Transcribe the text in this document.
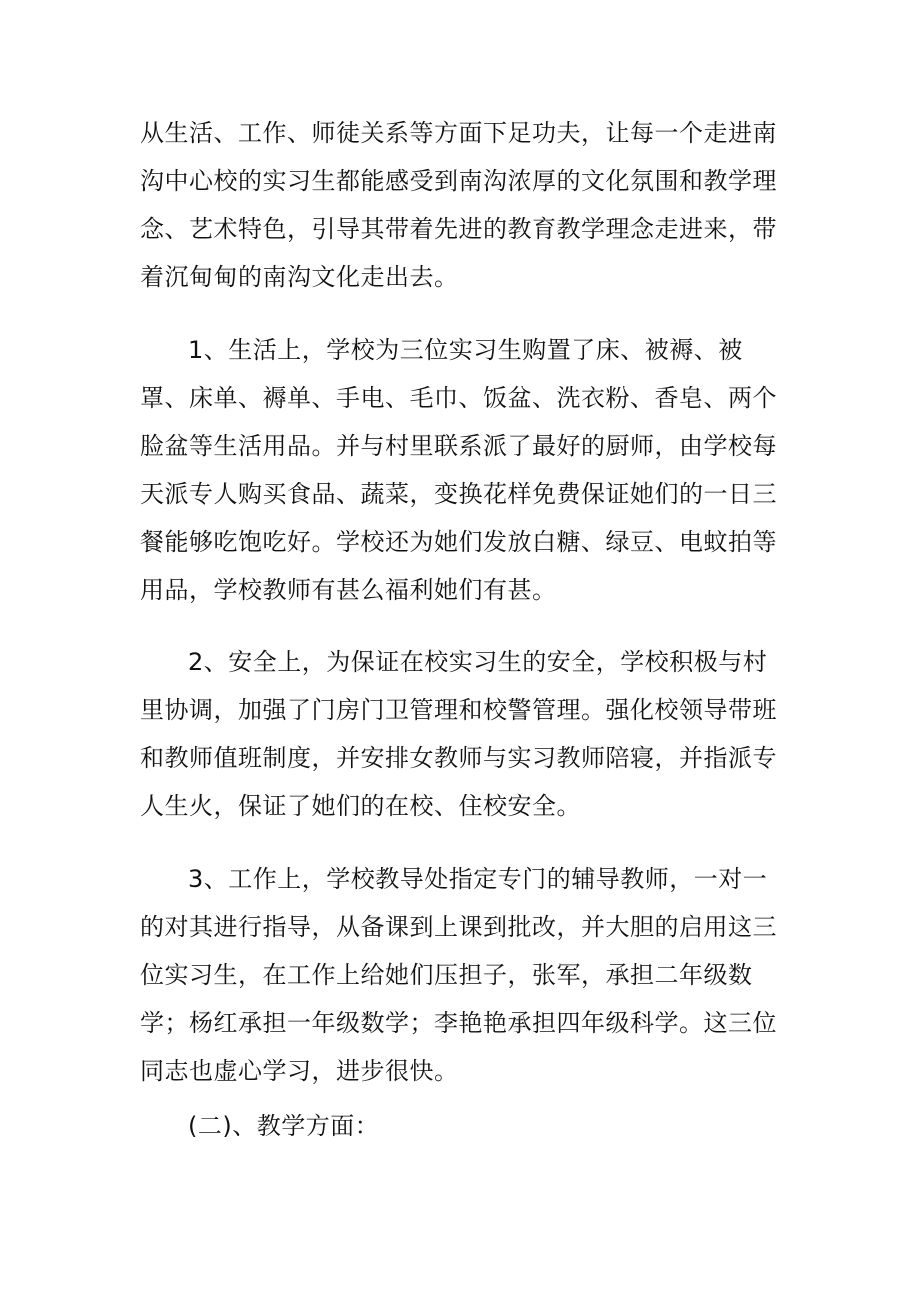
从生活、工作、师徒关系等方面下足功夫，让每一个走进南沟中心校的实习生都能感受到南沟浓厚的文化氛围和教学理念、艺术特色，引导其带着先进的教育教学理念走进来，带着沉甸甸的南沟文化走出去。

1、生活上，学校为三位实习生购置了床、被褥、被罩、床单、褥单、手电、毛巾、饭盆、洗衣粉、香皂、两个脸盆等生活用品。并与村里联系派了最好的厨师，由学校每天派专人购买食品、蔬菜，变换花样免费保证她们的一日三餐能够吃饱吃好。学校还为她们发放白糖、绿豆、电蚊拍等用品，学校教师有甚么福利她们有甚。

2、安全上，为保证在校实习生的安全，学校积极与村里协调，加强了门房门卫管理和校警管理。强化校领导带班和教师值班制度，并安排女教师与实习教师陪寝，并指派专人生火，保证了她们的在校、住校安全。

3、工作上，学校教导处指定专门的辅导教师，一对一的对其进行指导，从备课到上课到批改，并大胆的启用这三位实习生，在工作上给她们压担子，张军，承担二年级数学；杨红承担一年级数学；李艳艳承担四年级科学。这三位同志也虚心学习，进步很快。

(二)、教学方面：
